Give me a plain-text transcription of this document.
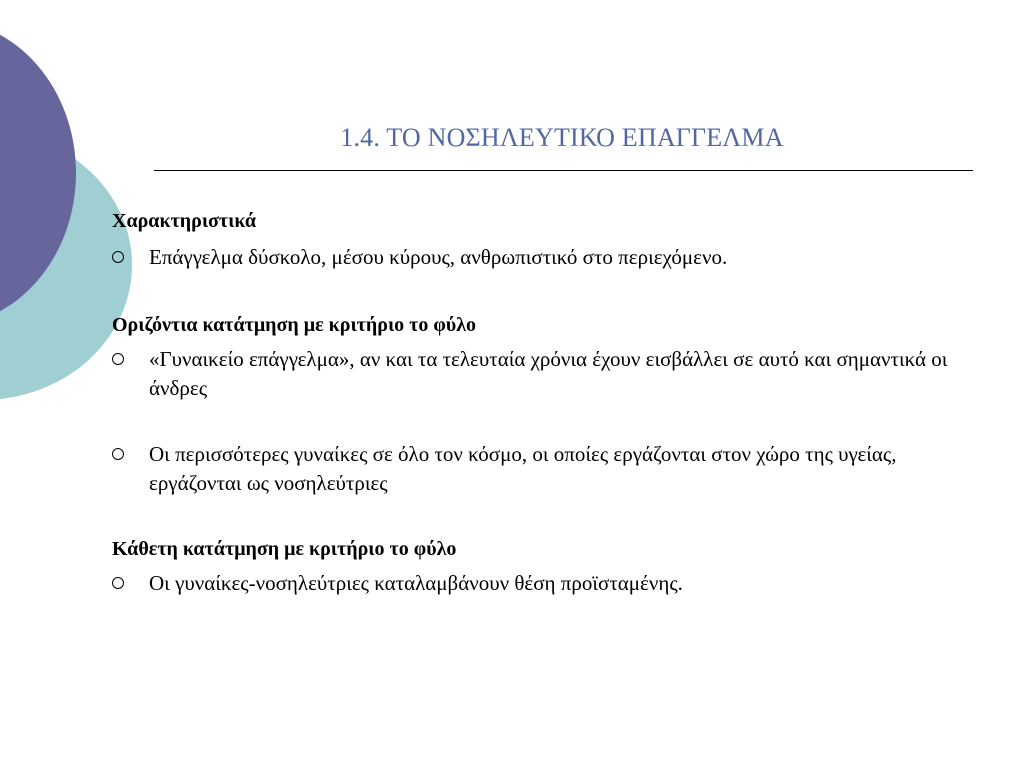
1.4. ΤΟ ΝΟΣΗΛΕΥΤΙΚΟ ΕΠΑΓΓΕΛΜΑ
Χαρακτηριστικά
Επάγγελμα δύσκολο, μέσου κύρους, ανθρωπιστικό στο περιεχόμενο.
Οριζόντια κατάτμηση με κριτήριο το φύλο
«Γυναικείο επάγγελμα», αν και τα τελευταία χρόνια έχουν εισβάλλει σε αυτό και σημαντικά οι άνδρες
Οι περισσότερες γυναίκες σε όλο τον κόσμο, οι οποίες εργάζονται στον χώρο της υγείας, εργάζονται ως νοσηλεύτριες
Κάθετη κατάτμηση με κριτήριο το φύλο
Οι γυναίκες-νοσηλεύτριες καταλαμβάνουν θέση προϊσταμένης.
